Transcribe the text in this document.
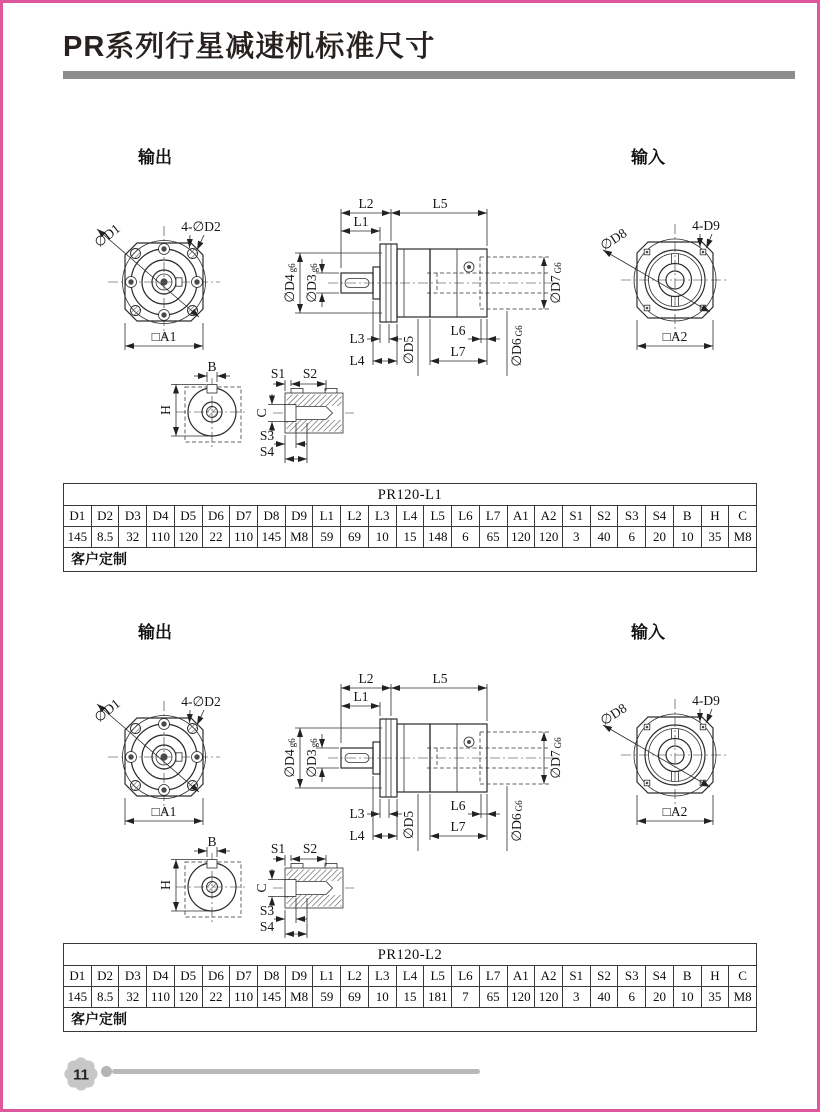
PR系列行星减速机标准尺寸
输出	输入
∅D1	4-∅D2
□A1
L2	L5
L1
∅D4g6
∅D3g6
L3
L4	∅D5
L6
L7
∅D7G6
∅D6G6
∅D8	4-D9
□A2
B
H
S1 S2
C
S3
S4
PR120-L1																								
D1	D2	D3	D4	D5	D6	D7	D8	D9	L1	L2	L3	L4	L5	L6	L7	A1	A2	S1	S2	S3	S4	B	H	C
145	8.5	32	110	120	22	110	145	M8	59	69	10	15	148	6	65	120	120	3	40	6	20	10	35	M8
客户定制																								
输出	输入
∅D1	4-∅D2
□A1
L2	L5
L1
∅D4g6
∅D3g6
L3
L4	∅D5
L6
L7
∅D7G6
∅D6G6
∅D8	4-D9
□A2
B
H
S1 S2
C
S3
S4
PR120-L2																								
D1	D2	D3	D4	D5	D6	D7	D8	D9	L1	L2	L3	L4	L5	L6	L7	A1	A2	S1	S2	S3	S4	B	H	C
145	8.5	32	110	120	22	110	145	M8	59	69	10	15	181	7	65	120	120	3	40	6	20	10	35	M8
客户定制																								
11
